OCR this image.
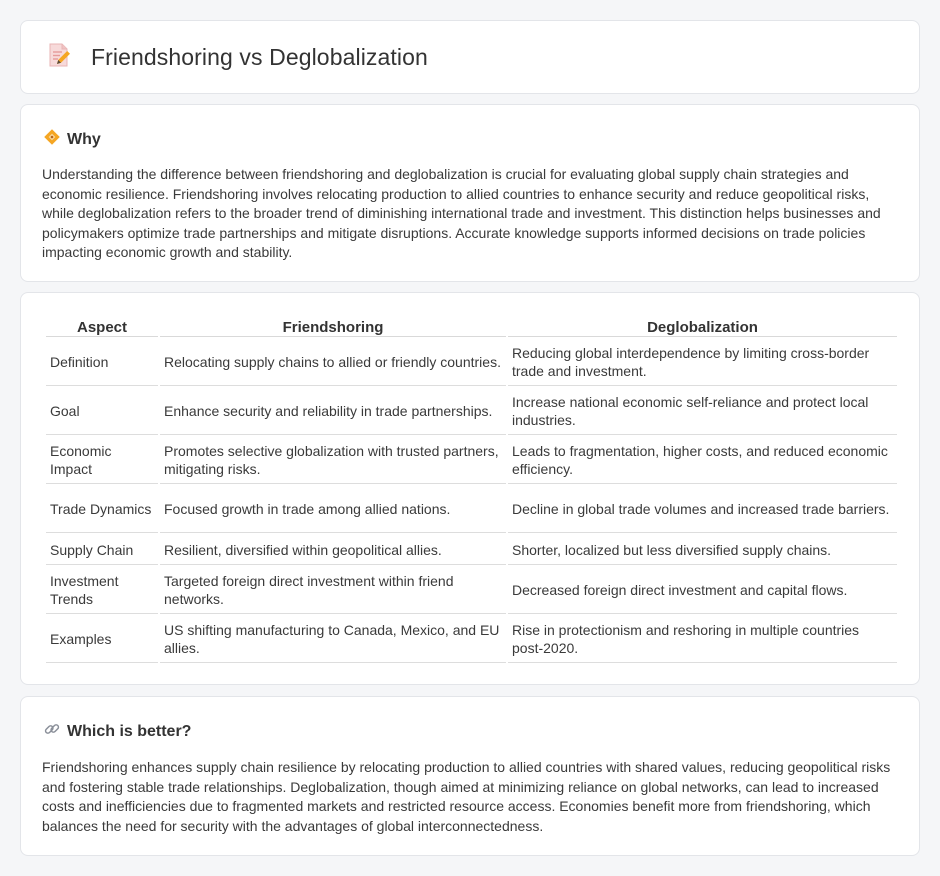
Friendshoring vs Deglobalization
Why

Understanding the difference between friendshoring and deglobalization is crucial for evaluating global supply chain strategies and economic resilience. Friendshoring involves relocating production to allied countries to enhance security and reduce geopolitical risks, while deglobalization refers to the broader trend of diminishing international trade and investment. This distinction helps businesses and policymakers optimize trade partnerships and mitigate disruptions. Accurate knowledge supports informed decisions on trade policies impacting economic growth and stability.

Aspect	Friendshoring	Deglobalization
Definition	Relocating supply chains to allied or friendly countries.	Reducing global interdependence by limiting cross-border trade and investment.
Goal	Enhance security and reliability in trade partnerships.	Increase national economic self-reliance and protect local industries.
Economic Impact	Promotes selective globalization with trusted partners, mitigating risks.	Leads to fragmentation, higher costs, and reduced economic efficiency.
Trade Dynamics	Focused growth in trade among allied nations.	Decline in global trade volumes and increased trade barriers.
Supply Chain	Resilient, diversified within geopolitical allies.	Shorter, localized but less diversified supply chains.
Investment Trends	Targeted foreign direct investment within friend networks.	Decreased foreign direct investment and capital flows.
Examples	US shifting manufacturing to Canada, Mexico, and EU allies.	Rise in protectionism and reshoring in multiple countries post-2020.
Which is better?

Friendshoring enhances supply chain resilience by relocating production to allied countries with shared values, reducing geopolitical risks and fostering stable trade relationships. Deglobalization, though aimed at minimizing reliance on global networks, can lead to increased costs and inefficiencies due to fragmented markets and restricted resource access. Economies benefit more from friendshoring, which balances the need for security with the advantages of global interconnectedness.
